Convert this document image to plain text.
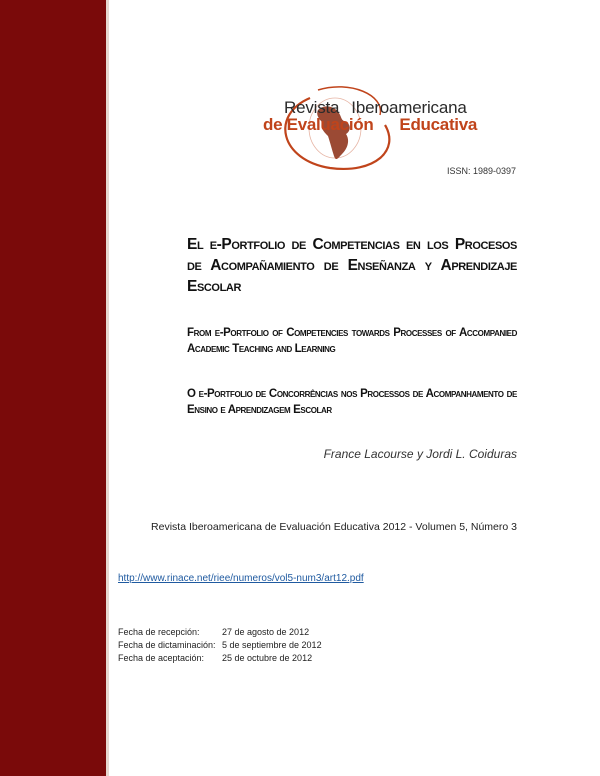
Revista Iberoamericana
de Evaluación Educativa
ISSN: 1989-0397
El e-Portfolio de Competencias en los Procesos de Acompañamiento de Enseñanza y Aprendizaje Escolar
From e-Portfolio of Competencies towards Processes of Accompanied Academic Teaching and Learning
O e-Portfolio de Concorrências nos Processos de Acompanhamento de Ensino e Aprendizagem Escolar
France Lacourse y Jordi L. Coiduras
Revista Iberoamericana de Evaluación Educativa 2012 - Volumen 5, Número 3
http://www.rinace.net/riee/numeros/vol5-num3/art12.pdf
Fecha de recepción:	27 de agosto de 2012
Fecha de dictaminación: 5 de septiembre de 2012
Fecha de aceptación:	25 de octubre de 2012
